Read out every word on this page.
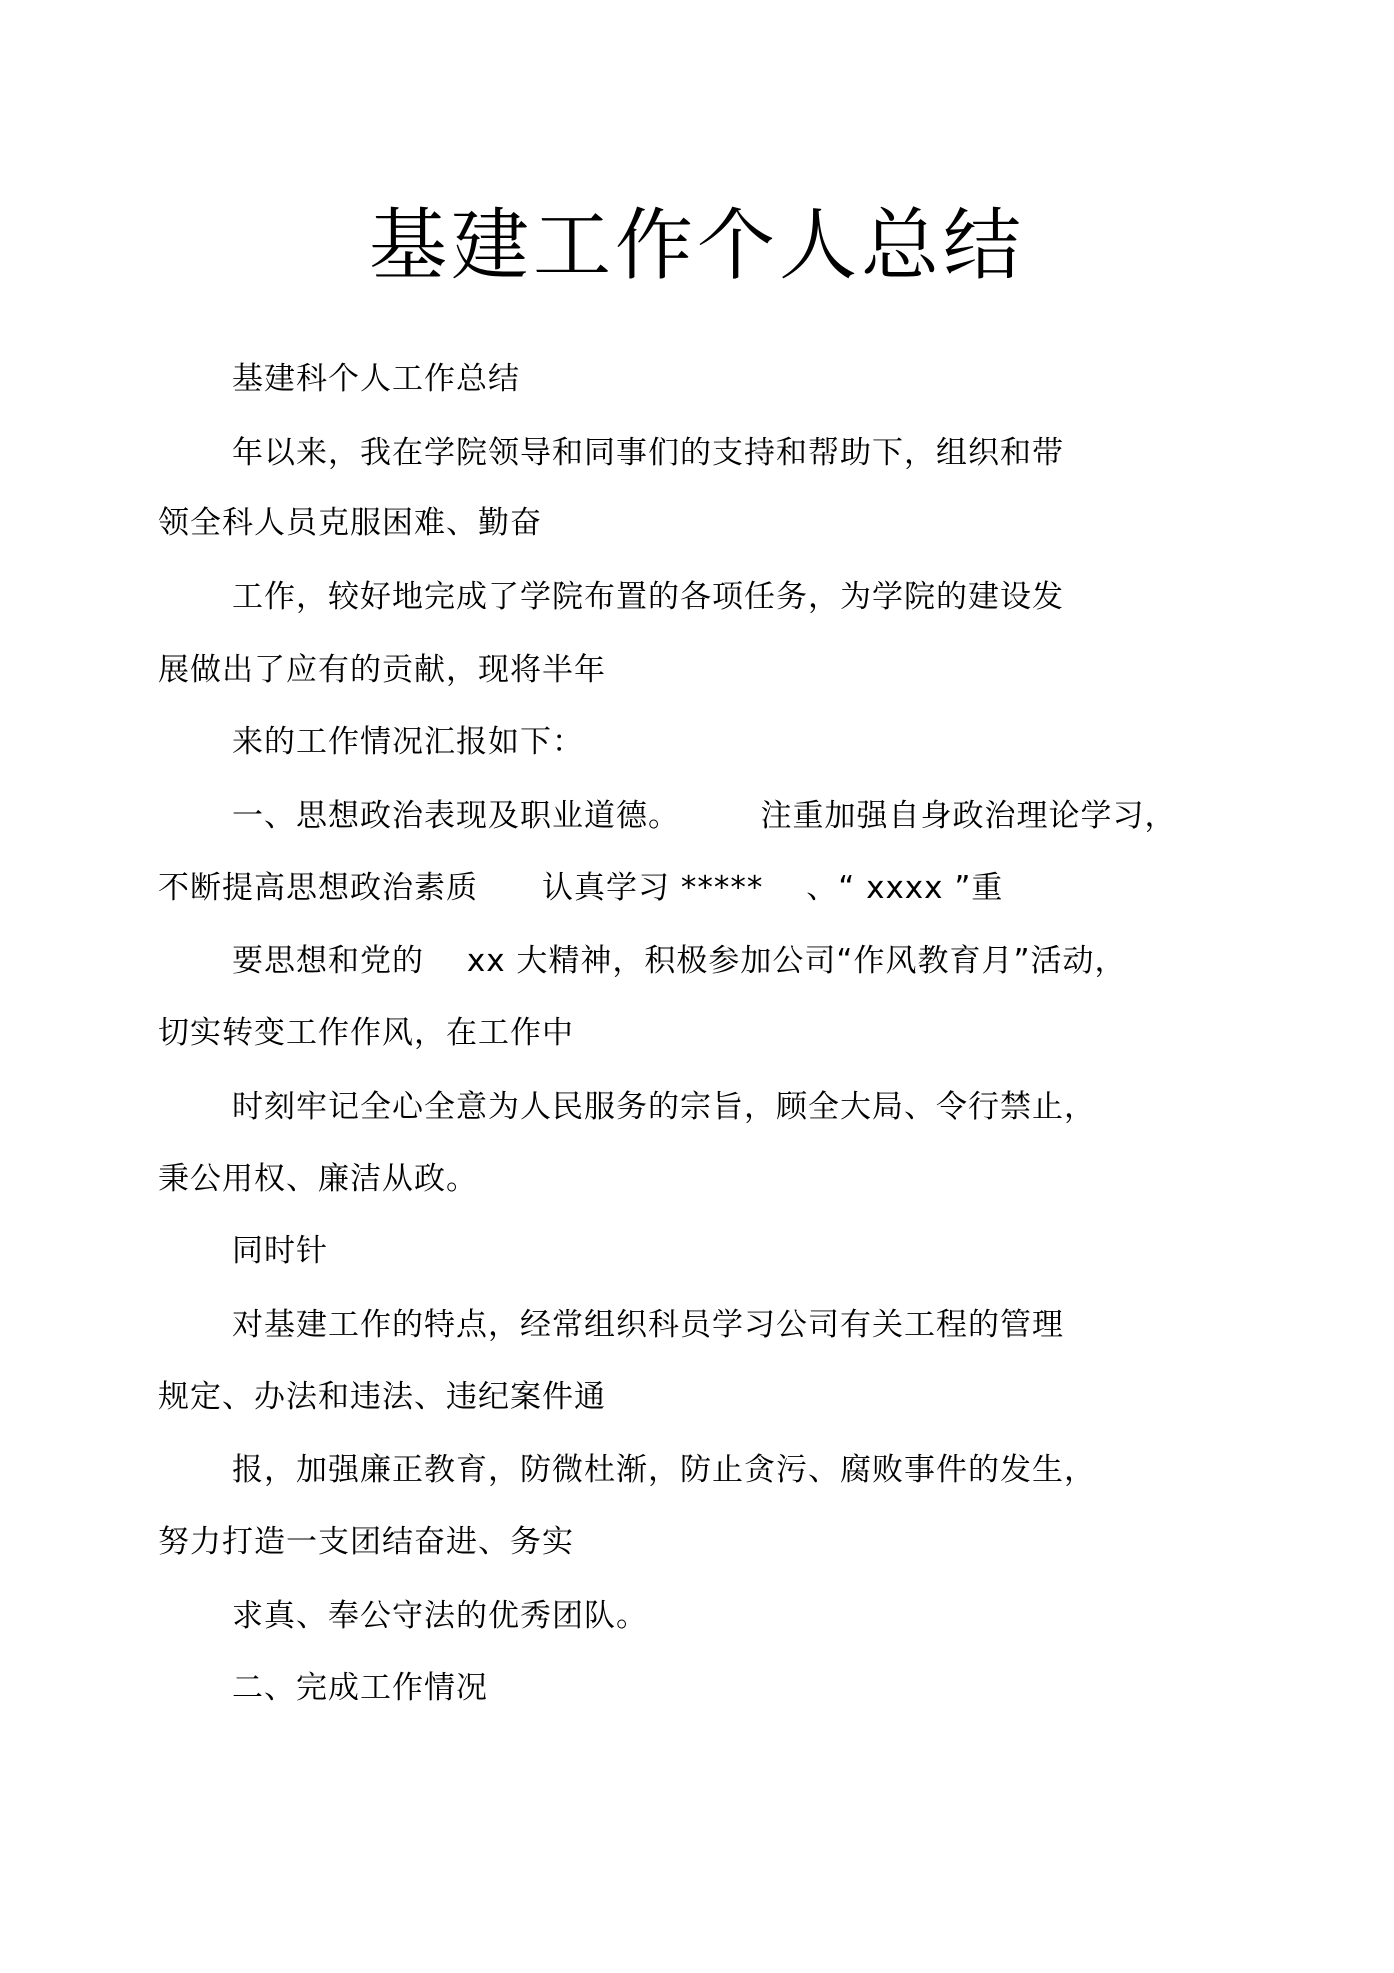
基建工作个人总结
基建科个人工作总结
年以来，我在学院领导和同事们的支持和帮助下，组织和带
领全科人员克服困难、勤奋
工作，较好地完成了学院布置的各项任务，为学院的建设发
展做出了应有的贡献，现将半年
来的工作情况汇报如下：
一、思想政治表现及职业道德。　　　注重加强自身政治理论学习，
不断提高思想政治素质　　认真学习 *****　 、“ xxxx ”重
要思想和党的　 xx 大精神，积极参加公司“作风教育月”活动，
切实转变工作作风，在工作中
时刻牢记全心全意为人民服务的宗旨，顾全大局、令行禁止，
秉公用权、廉洁从政。
同时针
对基建工作的特点，经常组织科员学习公司有关工程的管理
规定、办法和违法、违纪案件通
报，加强廉正教育，防微杜渐，防止贪污、腐败事件的发生，
努力打造一支团结奋进、务实
求真、奉公守法的优秀团队。
二、完成工作情况
